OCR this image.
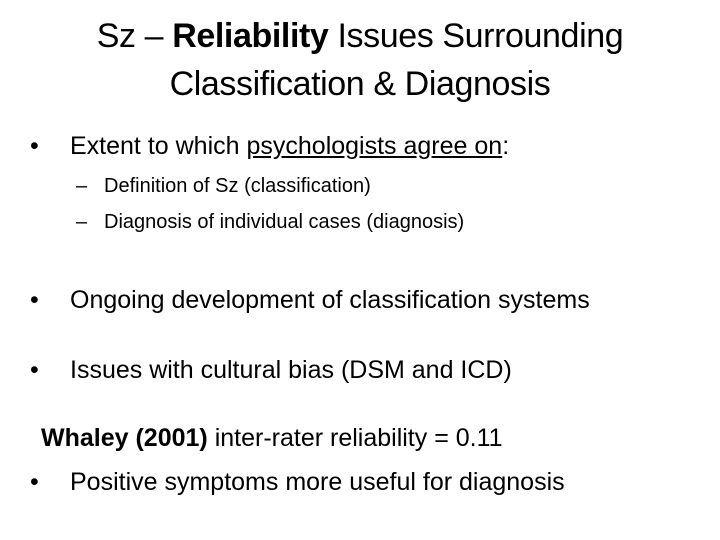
Sz – Reliability Issues Surrounding
Classification & Diagnosis
• Extent to which psychologists agree on:
– Definition of Sz (classification)
– Diagnosis of individual cases (diagnosis)
• Ongoing development of classification systems
• Issues with cultural bias (DSM and ICD)
Whaley (2001) inter-rater reliability = 0.11
• Positive symptoms more useful for diagnosis
